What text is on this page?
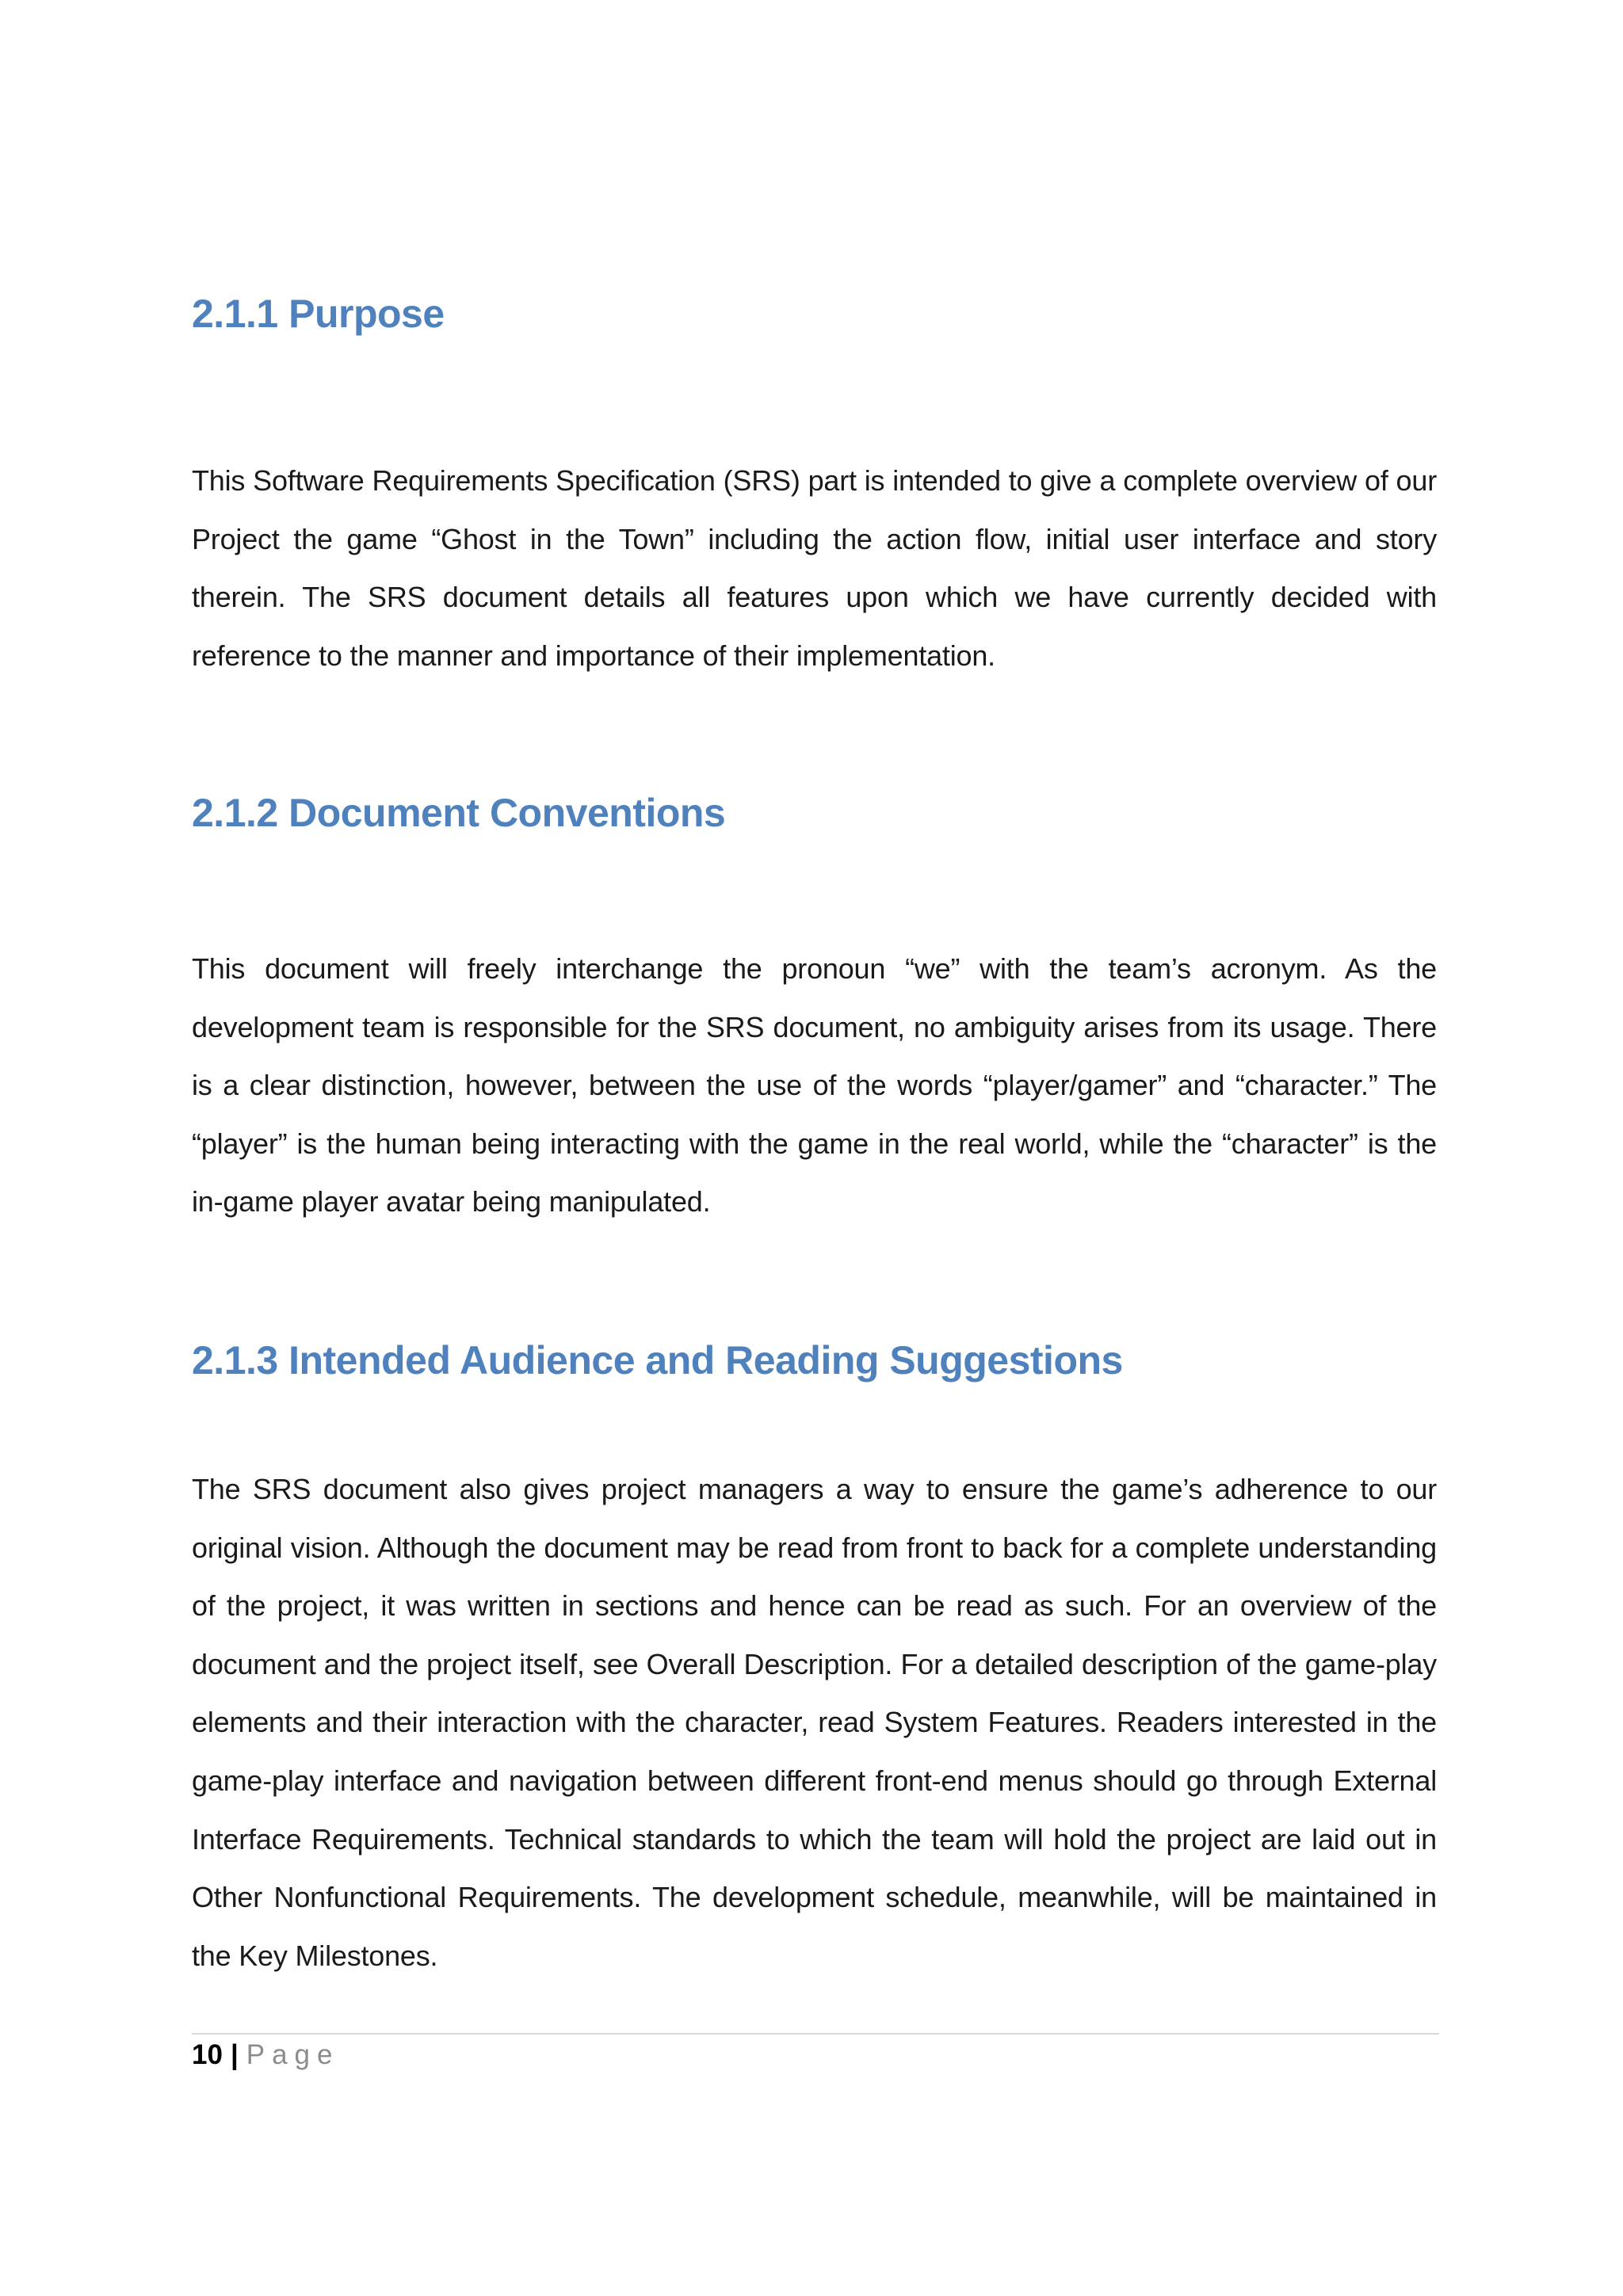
2.1.1 Purpose

This Software Requirements Specification (SRS) part is intended to give a complete overview of our Project the game “Ghost in the Town” including the action flow, initial user interface and story therein. The SRS document details all features upon which we have currently decided with reference to the manner and importance of their implementation.

2.1.2 Document Conventions

This document will freely interchange the pronoun “we” with the team’s acronym. As the development team is responsible for the SRS document, no ambiguity arises from its usage. There is a clear distinction, however, between the use of the words “player/gamer” and “character.” The “player” is the human being interacting with the game in the real world, while the “character” is the in-game player avatar being manipulated.

2.1.3 Intended Audience and Reading Suggestions

The SRS document also gives project managers a way to ensure the game’s adherence to our original vision. Although the document may be read from front to back for a complete understanding of the project, it was written in sections and hence can be read as such. For an overview of the document and the project itself, see Overall Description. For a detailed description of the game-play elements and their interaction with the character, read System Features. Readers interested in the game-play interface and navigation between different front-end menus should go through External Interface Requirements. Technical standards to which the team will hold the project are laid out in Other Nonfunctional Requirements. The development schedule, meanwhile, will be maintained in the Key Milestones.

10 | Page
